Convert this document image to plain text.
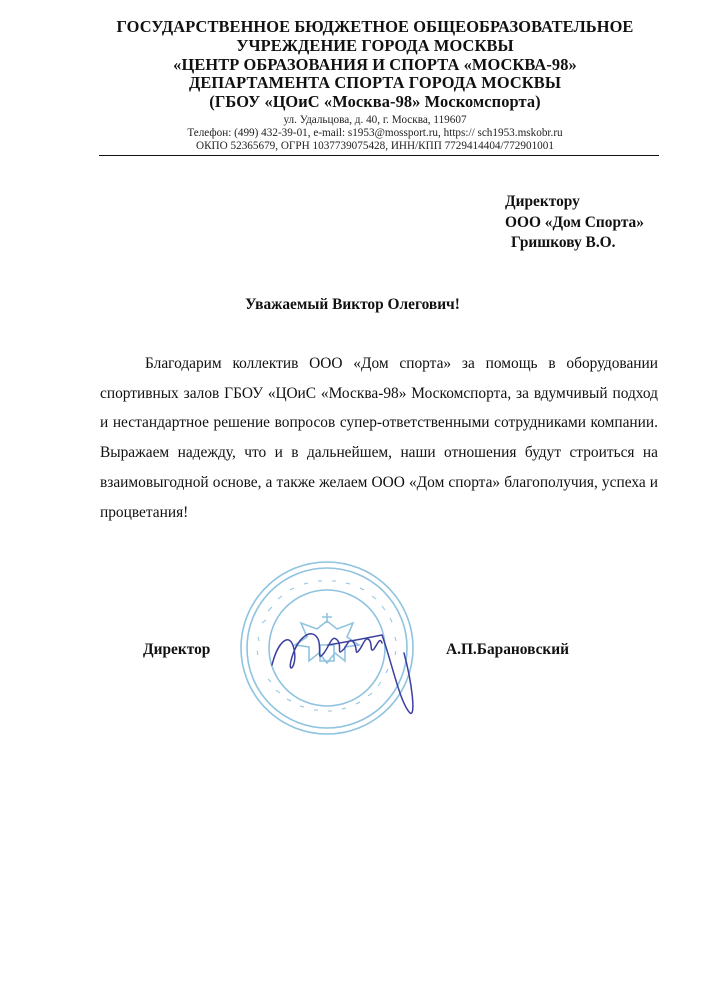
ГОСУДАРСТВЕННОЕ БЮДЖЕТНОЕ ОБЩЕОБРАЗОВАТЕЛЬНОЕ
УЧРЕЖДЕНИЕ ГОРОДА МОСКВЫ
«ЦЕНТР ОБРАЗОВАНИЯ И СПОРТА «МОСКВА-98»
ДЕПАРТАМЕНТА СПОРТА ГОРОДА МОСКВЫ
(ГБОУ «ЦОиС «Москва-98» Москомспорта)
ул. Удальцова, д. 40, г. Москва, 119607
Телефон: (499) 432-39-01, e-mail: s1953@mossport.ru, https:// sch1953.mskobr.ru
ОКПО 52365679, ОГРН 1037739075428, ИНН/КПП 7729414404/772901001
Директору
ООО «Дом Спорта»
Гришкову В.О.
Уважаемый Виктор Олегович!
Благодарим коллектив ООО «Дом спорта» за помощь в оборудовании спортивных залов ГБОУ «ЦОиС «Москва-98» Москомспорта, за вдумчивый подход и нестандартное решение вопросов супер-ответственными сотрудниками компании. Выражаем надежду, что и в дальнейшем, наши отношения будут строиться на взаимовыгодной основе, а также желаем ООО «Дом спорта» благополучия, успеха и процветания!
Директор	А.П.Барановский
